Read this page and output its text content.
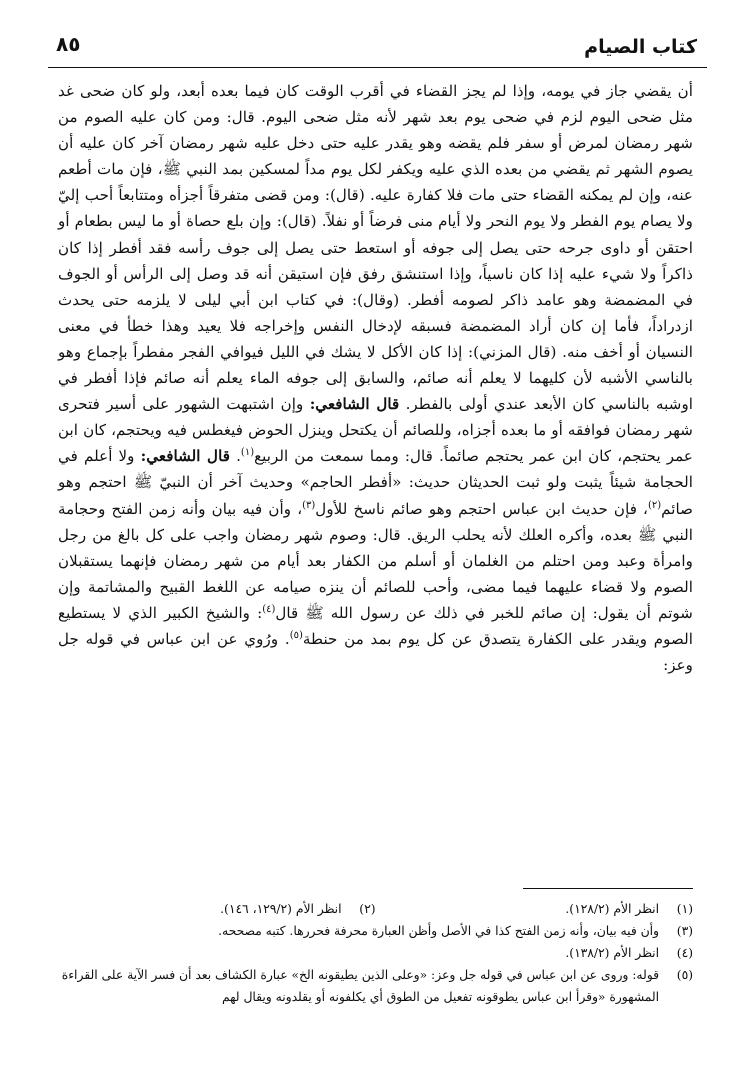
كتاب الصيام
٨٥

أن يقضي جاز في يومه، وإذا لم يجز القضاء في أقرب الوقت كان فيما بعده أبعد، ولو كان ضحى غد مثل ضحى اليوم لزم في ضحى يوم بعد شهر لأنه مثل ضحى اليوم. قال: ومن كان عليه الصوم من شهر رمضان لمرض أو سفر فلم يقضه وهو يقدر عليه حتى دخل عليه شهر رمضان آخر كان عليه أن يصوم الشهر ثم يقضي من بعده الذي عليه ويكفر لكل يوم مداً لمسكين بمد النبي ﷺ، فإن مات أطعم عنه، وإن لم يمكنه القضاء حتى مات فلا كفارة عليه. (قال): ومن قضى متفرقاً أجزأه ومتتابعاً أحب إليّ ولا يصام يوم الفطر ولا يوم النحر ولا أيام منى فرضاً أو نفلاً. (قال): وإن بلع حصاة أو ما ليس بطعام أو احتقن أو داوى جرحه حتى يصل إلى جوفه أو استعط حتى يصل إلى جوف رأسه فقد أفطر إذا كان ذاكراً ولا شيء عليه إذا كان ناسياً، وإذا استنشق رفق فإن استيقن أنه قد وصل إلى الرأس أو الجوف في المضمضة وهو عامد ذاكر لصومه أفطر. (وقال): في كتاب ابن أبي ليلى لا يلزمه حتى يحدث ازدراداً، فأما إن كان أراد المضمضة فسبقه لإدخال النفس وإخراجه فلا يعيد وهذا خطأ في معنى النسيان أو أخف منه. (قال المزني): إذا كان الأكل لا يشك في الليل فيوافي الفجر مفطراً بإجماع وهو بالناسي الأشبه لأن كليهما لا يعلم أنه صائم، والسابق إلى جوفه الماء يعلم أنه صائم فإذا أفطر في اوشبه بالناسي كان الأبعد عندي أولى بالفطر. قال الشافعي: وإن اشتبهت الشهور على أسير فتحرى شهر رمضان فوافقه أو ما بعده أجزاه، وللصائم أن يكتحل وينزل الحوض فيغطس فيه ويحتجم، كان ابن عمر يحتجم، كان ابن عمر يحتجم صائماً. قال: ومما سمعت من الربيع$^{(١)}$. قال الشافعي: ولا أعلم في الحجامة شيئاً يثبت ولو ثبت الحديثان حديث: «أفطر الحاجم» وحديث آخر أن النبيّ ﷺ احتجم وهو صائم$^{(٢)}$، فإن حديث ابن عباس احتجم وهو صائم ناسخ للأول$^{(٣)}$، وأن فيه بيان وأنه زمن الفتح وحجامة النبي ﷺ بعده، وأكره العلك لأنه يحلب الريق. قال: وصوم شهر رمضان واجب على كل بالغ من رجل وامرأة وعبد ومن احتلم من الغلمان أو أسلم من الكفار بعد أيام من شهر رمضان فإنهما يستقبلان الصوم ولا قضاء عليهما فيما مضى، وأحب للصائم أن ينزه صيامه عن اللغط القبيح والمشاتمة وإن شوتم أن يقول: إن صائم للخبر في ذلك عن رسول الله ﷺ قال$^{(٤)}$: والشيخ الكبير الذي لا يستطيع الصوم ويقدر على الكفارة يتصدق عن كل يوم بمد من حنطة$^{(٥)}$. ورُوي عن ابن عباس في قوله جل وعز:

(١)
انظر الأم (١٢٨/٢).
(٢)
انظر الأم (١٢٩/٢، ١٤٦).
(٣)
وأن فيه بيان، وأنه زمن الفتح كذا في الأصل وأظن العبارة محرفة فحررها. كتبه مصححه.
(٤)
انظر الأم (١٣٨/٢).
(٥)
قوله: وروى عن ابن عباس في قوله جل وعز: «وعلى الذين يطيقونه الخ» عبارة الكشاف بعد أن فسر الآية على القراءة المشهورة «وقرأ ابن عباس يطوقونه تفعيل من الطوق أي يكلفونه أو يقلدونه ويقال لهم
